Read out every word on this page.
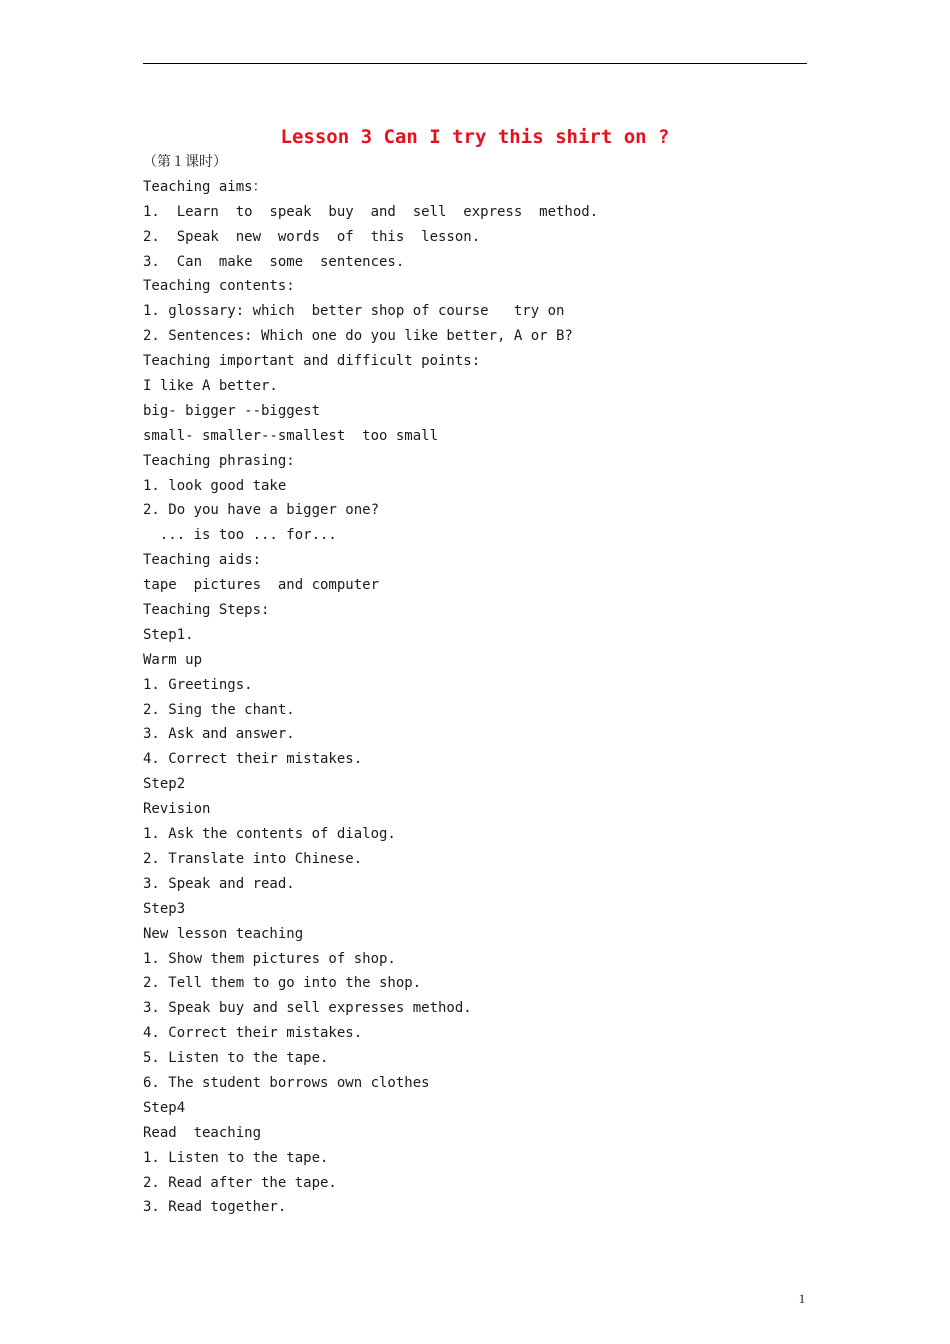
Lesson 3 Can I try this shirt on ?
（第１课时）
Teaching aims：
1.  Learn  to  speak  buy  and  sell  express  method.
2.  Speak  new  words  of  this  lesson.
3.  Can  make  some  sentences.
Teaching contents:
1. glossary: which  better shop of course   try on
2. Sentences: Which one do you like better, A or B?
Teaching important and difficult points:
I like A better.
big- bigger --biggest
small- smaller--smallest  too small
Teaching phrasing:
1. look good take
2. Do you have a bigger one?
... is too ... for...
Teaching aids:
tape  pictures  and computer
Teaching Steps:
Step1.
Warm up
1. Greetings.
2. Sing the chant.
3. Ask and answer.
4. Correct their mistakes.
Step2
Revision
1. Ask the contents of dialog.
2. Translate into Chinese.
3. Speak and read.
Step3
New lesson teaching
1. Show them pictures of shop.
2. Tell them to go into the shop.
3. Speak buy and sell expresses method.
4. Correct their mistakes.
5. Listen to the tape.
6. The student borrows own clothes
Step4
Read  teaching
1. Listen to the tape.
2. Read after the tape.
3. Read together.
1
